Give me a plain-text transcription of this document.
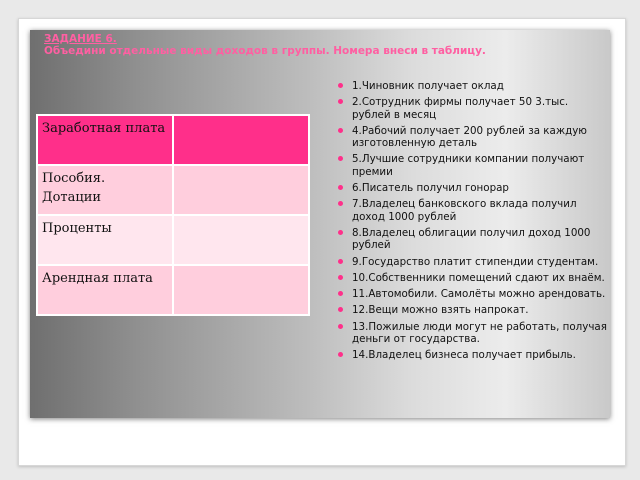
ЗАДАНИЕ 6.
Объедини отдельные виды доходов в группы. Номера внеси в таблицу.
Заработная плата
Пособия. Дотации
Проценты
Арендная плата
1.Чиновник получает оклад
2.Сотрудник фирмы получает 50 3.тыс. рублей в месяц
4.Рабочий получает 200 рублей за каждую изготовленную деталь
5.Лучшие сотрудники компании получают премии
6.Писатель получил гонорар
7.Владелец банковского вклада получил доход 1000 рублей
8.Владелец облигации получил доход 1000 рублей
9.Государство платит стипендии студентам.
10.Собственники помещений сдают их внаём.
11.Автомобили. Самолёты можно арендовать.
12.Вещи можно взять напрокат.
13.Пожилые люди могут не работать, получая деньги от государства.
14.Владелец бизнеса получает прибыль.
